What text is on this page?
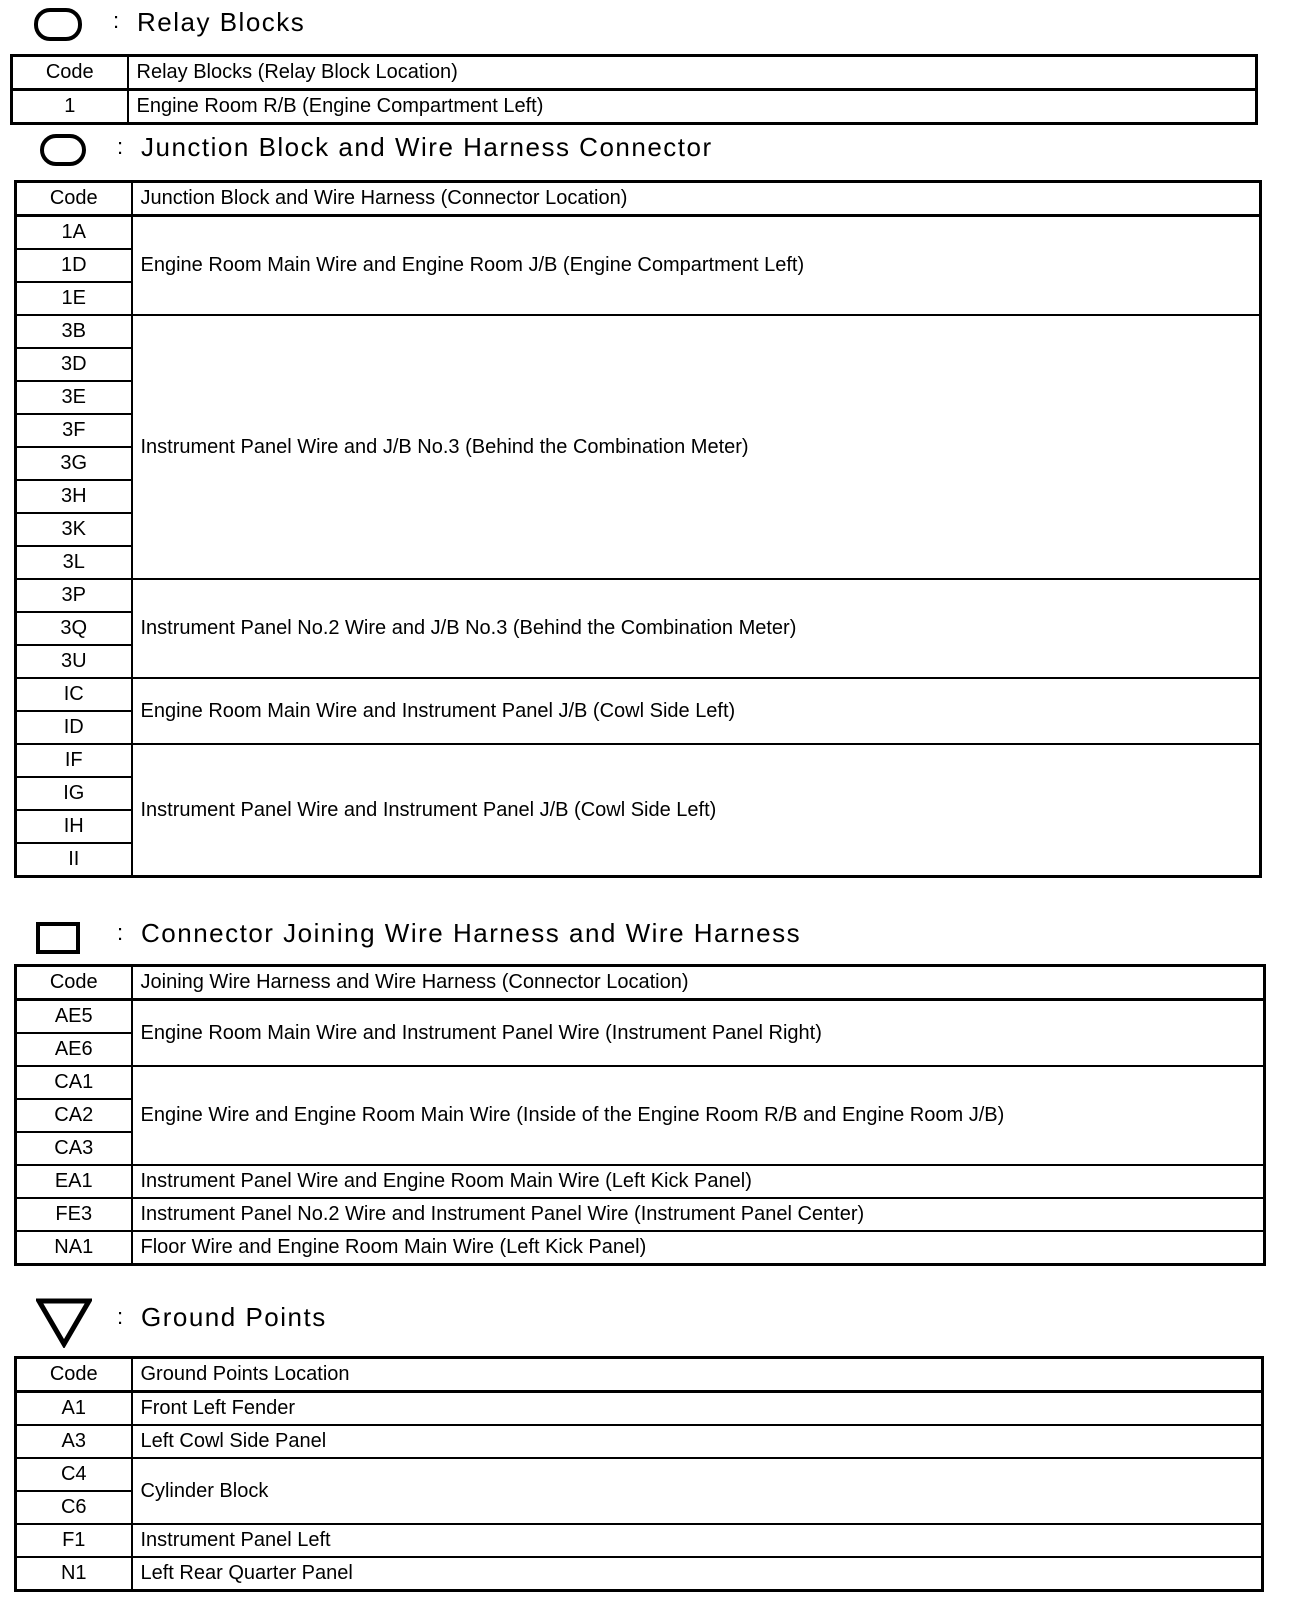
: Relay Blocks
Code	Relay Blocks (Relay Block Location)
1	Engine Room R/B (Engine Compartment Left)
: Junction Block and Wire Harness Connector
Code	Junction Block and Wire Harness (Connector Location)
1A	Engine Room Main Wire and Engine Room J/B (Engine Compartment Left)
1D	
1E	
3B	Instrument Panel Wire and J/B No.3 (Behind the Combination Meter)
3D	
3E	
3F	
3G	
3H	
3K	
3L	
3P	Instrument Panel No.2 Wire and J/B No.3 (Behind the Combination Meter)
3Q	
3U	
IC	Engine Room Main Wire and Instrument Panel J/B (Cowl Side Left)
ID	
IF	Instrument Panel Wire and Instrument Panel J/B (Cowl Side Left)
IG	
IH	
II	
: Connector Joining Wire Harness and Wire Harness
Code	Joining Wire Harness and Wire Harness (Connector Location)
AE5	Engine Room Main Wire and Instrument Panel Wire (Instrument Panel Right)
AE6	
CA1	Engine Wire and Engine Room Main Wire (Inside of the Engine Room R/B and Engine Room J/B)
CA2	
CA3	
EA1	Instrument Panel Wire and Engine Room Main Wire (Left Kick Panel)
FE3	Instrument Panel No.2 Wire and Instrument Panel Wire (Instrument Panel Center)
NA1	Floor Wire and Engine Room Main Wire (Left Kick Panel)
: Ground Points
Code	Ground Points Location
A1	Front Left Fender
A3	Left Cowl Side Panel
C4	Cylinder Block
C6	
F1	Instrument Panel Left
N1	Left Rear Quarter Panel
